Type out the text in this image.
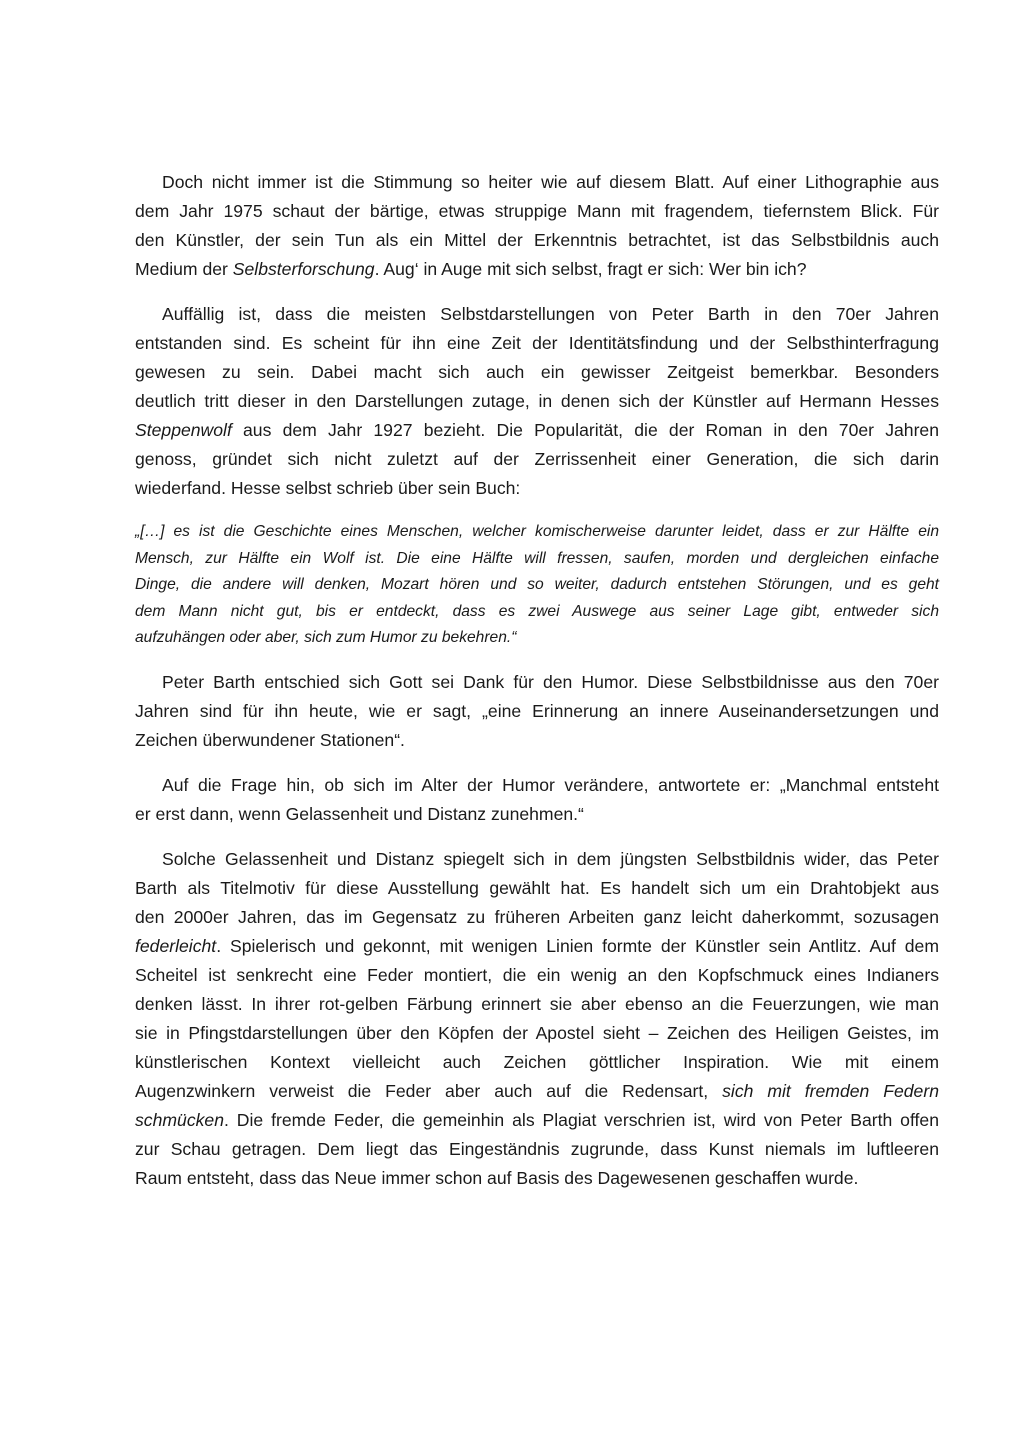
Doch nicht immer ist die Stimmung so heiter wie auf diesem Blatt. Auf einer Lithographie aus
dem Jahr 1975 schaut der bärtige, etwas struppige Mann mit fragendem, tiefernstem Blick. Für
den Künstler, der sein Tun als ein Mittel der Erkenntnis betrachtet, ist das Selbstbildnis auch
Medium der Selbsterforschung. Aug‘ in Auge mit sich selbst, fragt er sich: Wer bin ich?

Auffällig ist, dass die meisten Selbstdarstellungen von Peter Barth in den 70er Jahren
entstanden sind. Es scheint für ihn eine Zeit der Identitätsfindung und der Selbsthinterfragung
gewesen zu sein. Dabei macht sich auch ein gewisser Zeitgeist bemerkbar. Besonders
deutlich tritt dieser in den Darstellungen zutage, in denen sich der Künstler auf Hermann Hesses
Steppenwolf aus dem Jahr 1927 bezieht. Die Popularität, die der Roman in den 70er Jahren
genoss, gründet sich nicht zuletzt auf der Zerrissenheit einer Generation, die sich darin
wiederfand. Hesse selbst schrieb über sein Buch:

„[…] es ist die Geschichte eines Menschen, welcher komischerweise darunter leidet, dass er zur Hälfte ein
Mensch, zur Hälfte ein Wolf ist. Die eine Hälfte will fressen, saufen, morden und dergleichen einfache
Dinge, die andere will denken, Mozart hören und so weiter, dadurch entstehen Störungen, und es geht
dem Mann nicht gut, bis er entdeckt, dass es zwei Auswege aus seiner Lage gibt, entweder sich
aufzuhängen oder aber, sich zum Humor zu bekehren.“

Peter Barth entschied sich Gott sei Dank für den Humor. Diese Selbstbildnisse aus den 70er
Jahren sind für ihn heute, wie er sagt, „eine Erinnerung an innere Auseinandersetzungen und
Zeichen überwundener Stationen“.

Auf die Frage hin, ob sich im Alter der Humor verändere, antwortete er: „Manchmal entsteht
er erst dann, wenn Gelassenheit und Distanz zunehmen.“

Solche Gelassenheit und Distanz spiegelt sich in dem jüngsten Selbstbildnis wider, das Peter
Barth als Titelmotiv für diese Ausstellung gewählt hat. Es handelt sich um ein Drahtobjekt aus
den 2000er Jahren, das im Gegensatz zu früheren Arbeiten ganz leicht daherkommt, sozusagen
federleicht. Spielerisch und gekonnt, mit wenigen Linien formte der Künstler sein Antlitz. Auf dem
Scheitel ist senkrecht eine Feder montiert, die ein wenig an den Kopfschmuck eines Indianers
denken lässt. In ihrer rot-gelben Färbung erinnert sie aber ebenso an die Feuerzungen, wie man
sie in Pfingstdarstellungen über den Köpfen der Apostel sieht – Zeichen des Heiligen Geistes, im
künstlerischen Kontext vielleicht auch Zeichen göttlicher Inspiration. Wie mit einem
Augenzwinkern verweist die Feder aber auch auf die Redensart, sich mit fremden Federn
schmücken. Die fremde Feder, die gemeinhin als Plagiat verschrien ist, wird von Peter Barth offen
zur Schau getragen. Dem liegt das Eingeständnis zugrunde, dass Kunst niemals im luftleeren
Raum entsteht, dass das Neue immer schon auf Basis des Dagewesenen geschaffen wurde.
